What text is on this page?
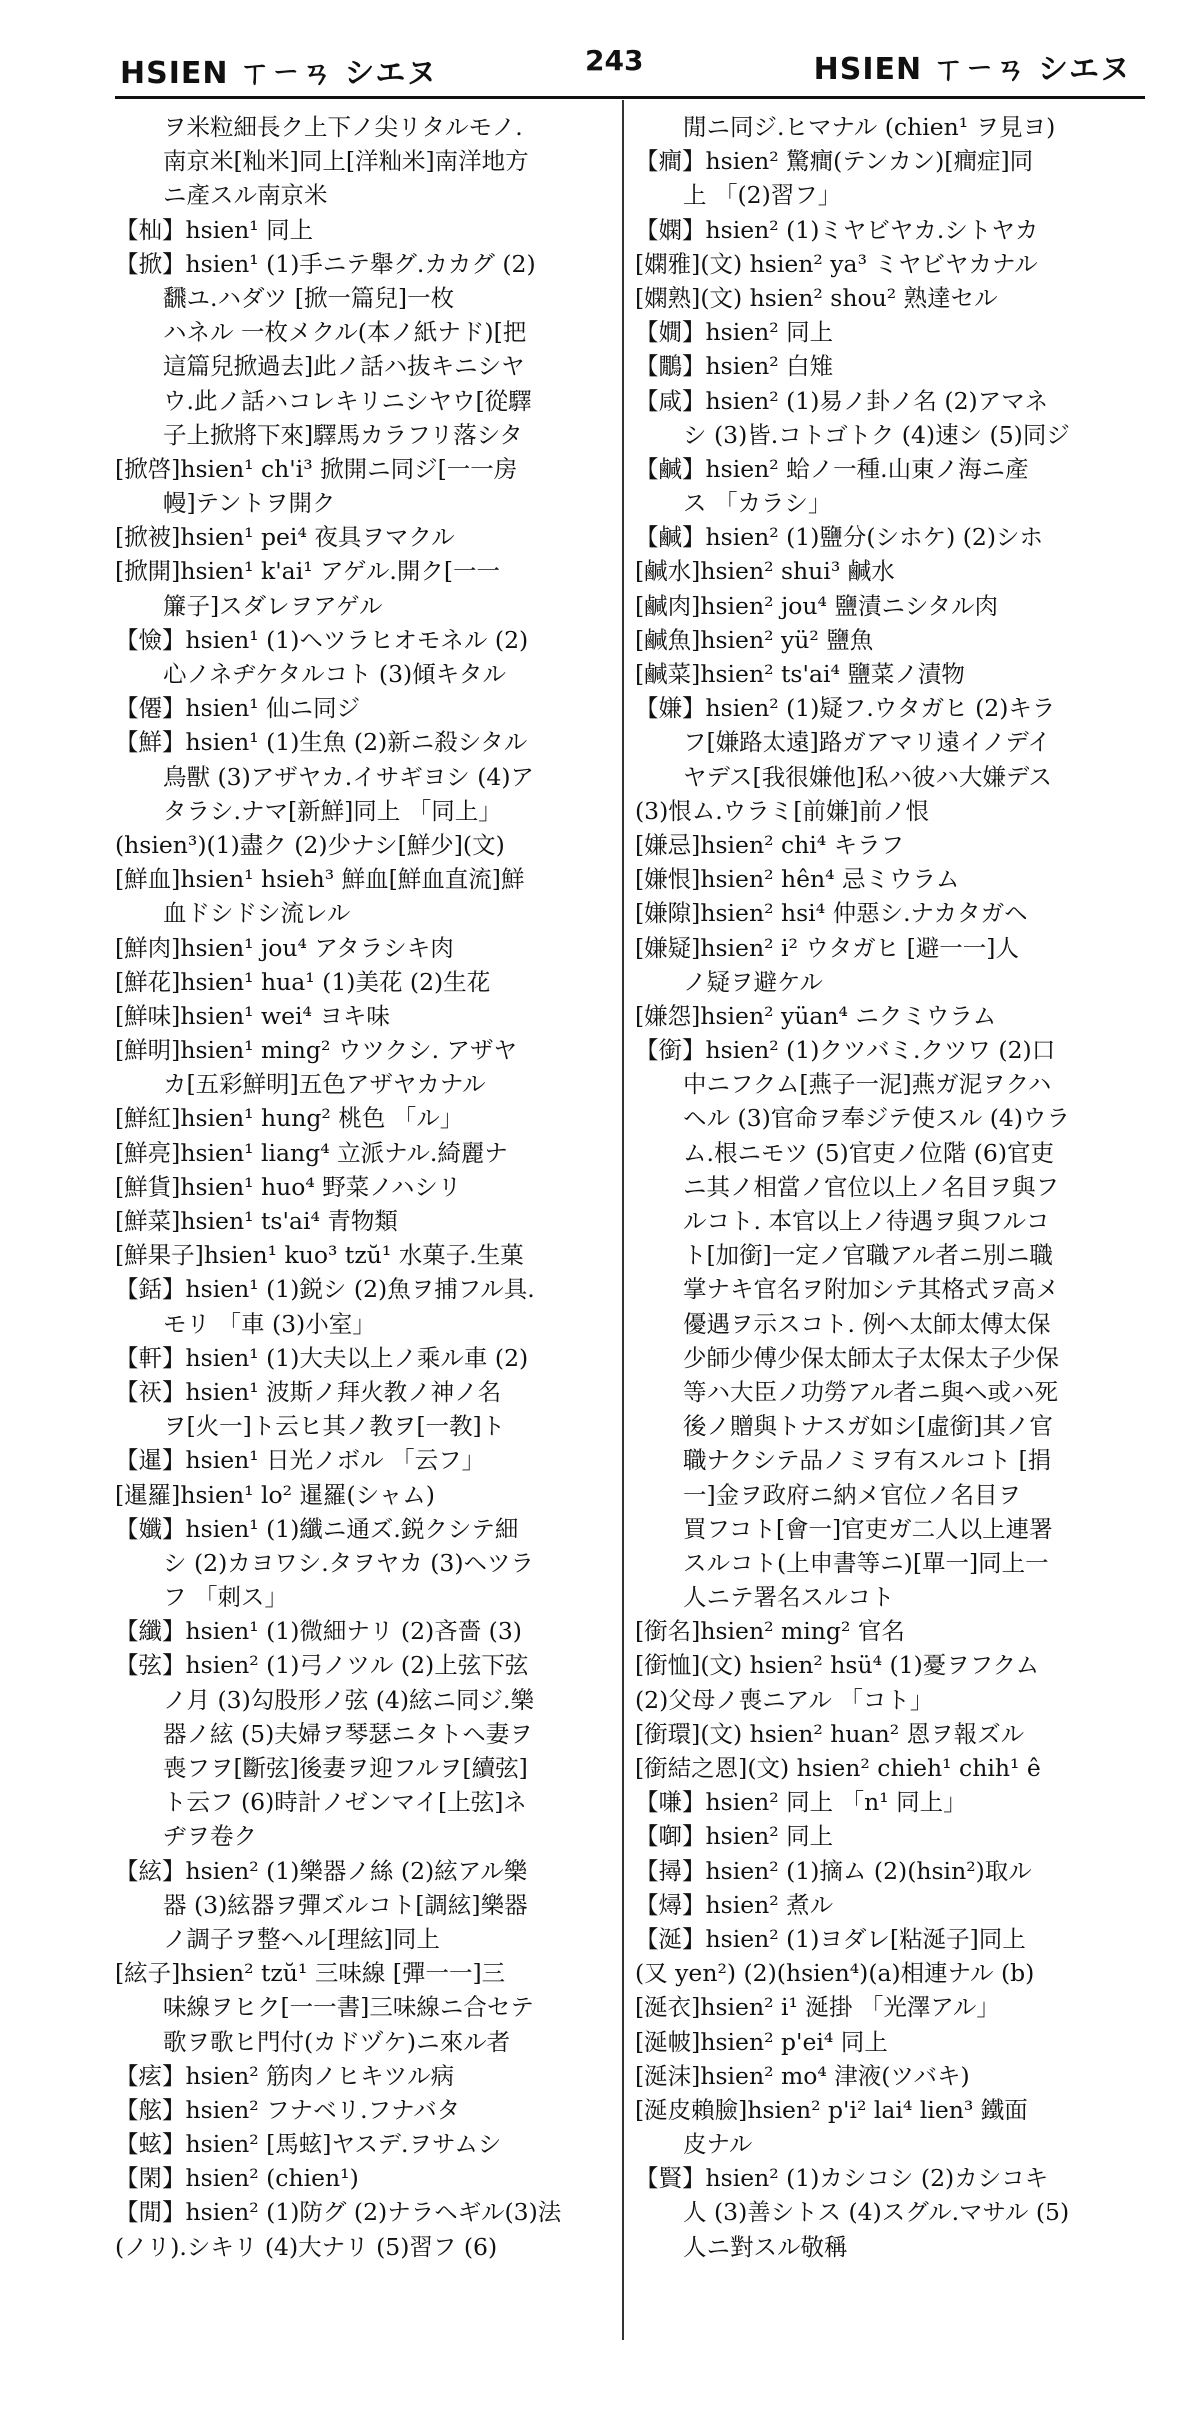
HSIEN ㄒㄧㄢ シエヌ	243	HSIEN ㄒㄧㄢ シエヌ
ヲ米粒細長ク上下ノ尖リタルモノ.
南京米[籼米]同上[洋籼米]南洋地方
ニ產スル南京米
【杣】hsien¹ 同上
【掀】hsien¹ (1)手ニテ舉グ.カカグ (2)
飜ユ.ハダツ [掀一篇兒]一枚
ハネル 一枚メクル(本ノ紙ナド)[把
這篇兒掀過去]此ノ話ハ抜キニシヤ
ウ.此ノ話ハコレキリニシヤウ[從驛
子上掀將下來]驛馬カラフリ落シタ
[掀啓]hsien¹ ch'i³ 掀開ニ同ジ[一一房
幔]テントヲ開ク
[掀被]hsien¹ pei⁴ 夜具ヲマクル
[掀開]hsien¹ k'ai¹ アゲル.開ク[一一
簾子]スダレヲアゲル
【憸】hsien¹ (1)ヘツラヒオモネル (2)
心ノネヂケタルコト (3)傾キタル
【僊】hsien¹ 仙ニ同ジ
【鮮】hsien¹ (1)生魚 (2)新ニ殺シタル
鳥獸 (3)アザヤカ.イサギヨシ (4)ア
タラシ.ナマ[新鮮]同上 「同上」
(hsien³)(1)盡ク (2)少ナシ[鮮少](文)
[鮮血]hsien¹ hsieh³ 鮮血[鮮血直流]鮮
血ドシドシ流レル
[鮮肉]hsien¹ jou⁴ アタラシキ肉
[鮮花]hsien¹ hua¹ (1)美花 (2)生花
[鮮味]hsien¹ wei⁴ ヨキ味
[鮮明]hsien¹ ming² ウツクシ. アザヤ
カ[五彩鮮明]五色アザヤカナル
[鮮紅]hsien¹ hung² 桃色 「ル」
[鮮亮]hsien¹ liang⁴ 立派ナル.綺麗ナ
[鮮貨]hsien¹ huo⁴ 野菜ノハシリ
[鮮菜]hsien¹ ts'ai⁴ 青物類
[鮮果子]hsien¹ kuo³ tzŭ¹ 水菓子.生菓
【銛】hsien¹ (1)鋭シ (2)魚ヲ捕フル具.
モリ 「車 (3)小室」
【軒】hsien¹ (1)大夫以上ノ乘ル車 (2)
【祆】hsien¹ 波斯ノ拜火教ノ神ノ名
ヲ[火一]ト云ヒ其ノ教ヲ[一教]ト
【暹】hsien¹ 日光ノボル 「云フ」
[暹羅]hsien¹ lo² 暹羅(シャム)
【孅】hsien¹ (1)纖ニ通ズ.鋭クシテ細
シ (2)カヨワシ.タヲヤカ (3)ヘツラ
フ 「刺ス」
【纖】hsien¹ (1)微細ナリ (2)吝嗇 (3)
【弦】hsien² (1)弓ノツル (2)上弦下弦
ノ月 (3)勾股形ノ弦 (4)絃ニ同ジ.樂
器ノ絃 (5)夫婦ヲ琴瑟ニタトヘ妻ヲ
喪フヲ[斷弦]後妻ヲ迎フルヲ[續弦]
ト云フ (6)時計ノゼンマイ[上弦]ネ
ヂヲ卷ク
【絃】hsien² (1)樂器ノ絲 (2)絃アル樂
器 (3)絃器ヲ彈ズルコト[調絃]樂器
ノ調子ヲ整ヘル[理絃]同上
[絃子]hsien² tzŭ¹ 三味線 [彈一一]三
味線ヲヒク[一一書]三味線ニ合セテ
歌ヲ歌ヒ門付(カドヅケ)ニ來ル者
【痃】hsien² 筋肉ノヒキツル病
【舷】hsien² フナベリ.フナバタ
【蚿】hsien² [馬蚿]ヤスデ.ヲサムシ
【閑】hsien² (chien¹)
【閒】hsien² (1)防グ (2)ナラヘギル(3)法
(ノリ).シキリ (4)大ナリ (5)習フ (6)
閒ニ同ジ.ヒマナル (chien¹ ヲ見ヨ)
【癎】hsien² 驚癎(テンカン)[癎症]同
上 「(2)習フ」
【嫻】hsien² (1)ミヤビヤカ.シトヤカ
[嫻雅](文) hsien² ya³ ミヤビヤカナル
[嫻熟](文) hsien² shou² 熟達セル
【嫺】hsien² 同上
【鷳】hsien² 白雉
【咸】hsien² (1)易ノ卦ノ名 (2)アマネ
シ (3)皆.コトゴトク (4)速シ (5)同ジ
【鹹】hsien² 蛤ノ一種.山東ノ海ニ產
ス 「カラシ」
【鹹】hsien² (1)鹽分(シホケ) (2)シホ
[鹹水]hsien² shui³ 鹹水
[鹹肉]hsien² jou⁴ 鹽漬ニシタル肉
[鹹魚]hsien² yü² 鹽魚
[鹹菜]hsien² ts'ai⁴ 鹽菜ノ漬物
【嫌】hsien² (1)疑フ.ウタガヒ (2)キラ
フ[嫌路太遠]路ガアマリ遠イノデイ
ヤデス[我很嫌他]私ハ彼ハ大嫌デス
(3)恨ム.ウラミ[前嫌]前ノ恨
[嫌忌]hsien² chi⁴ キラフ
[嫌恨]hsien² hên⁴ 忌ミウラム
[嫌隙]hsien² hsi⁴ 仲惡シ.ナカタガヘ
[嫌疑]hsien² i² ウタガヒ [避一一]人
ノ疑ヲ避ケル
[嫌怨]hsien² yüan⁴ ニクミウラム
【銜】hsien² (1)クツバミ.クツワ (2)口
中ニフクム[燕子一泥]燕ガ泥ヲクハ
ヘル (3)官命ヲ奉ジテ使スル (4)ウラ
ム.根ニモツ (5)官吏ノ位階 (6)官吏
ニ其ノ相當ノ官位以上ノ名目ヲ與フ
ルコト. 本官以上ノ待遇ヲ與フルコ
ト[加銜]一定ノ官職アル者ニ別ニ職
掌ナキ官名ヲ附加シテ其格式ヲ高メ
優遇ヲ示スコト. 例ヘ太師太傅太保
少師少傅少保太師太子太保太子少保
等ハ大臣ノ功勞アル者ニ與ヘ或ハ死
後ノ贈與トナスガ如シ[虛銜]其ノ官
職ナクシテ品ノミヲ有スルコト [捐
一]金ヲ政府ニ納メ官位ノ名目ヲ
買フコト[會一]官吏ガ二人以上連署
スルコト(上申書等ニ)[單一]同上一
人ニテ署名スルコト
[銜名]hsien² ming² 官名
[銜恤](文) hsien² hsü⁴ (1)憂ヲフクム
(2)父母ノ喪ニアル 「コト」
[銜環](文) hsien² huan² 恩ヲ報ズル
[銜結之恩](文) hsien² chieh¹ chih¹ ê
【嗛】hsien² 同上 「n¹ 同上」
【啣】hsien² 同上
【撏】hsien² (1)摘ム (2)(hsin²)取ル
【燖】hsien² 煮ル
【涎】hsien² (1)ヨダレ[粘涎子]同上
(又 yen²) (2)(hsien⁴)(a)相連ナル (b)
[涎衣]hsien² i¹ 涎掛 「光澤アル」
[涎帔]hsien² p'ei⁴ 同上
[涎沫]hsien² mo⁴ 津液(ツバキ)
[涎皮賴臉]hsien² p'i² lai⁴ lien³ 鐵面
皮ナル
【賢】hsien² (1)カシコシ (2)カシコキ
人 (3)善シトス (4)スグル.マサル (5)
人ニ對スル敬稱
